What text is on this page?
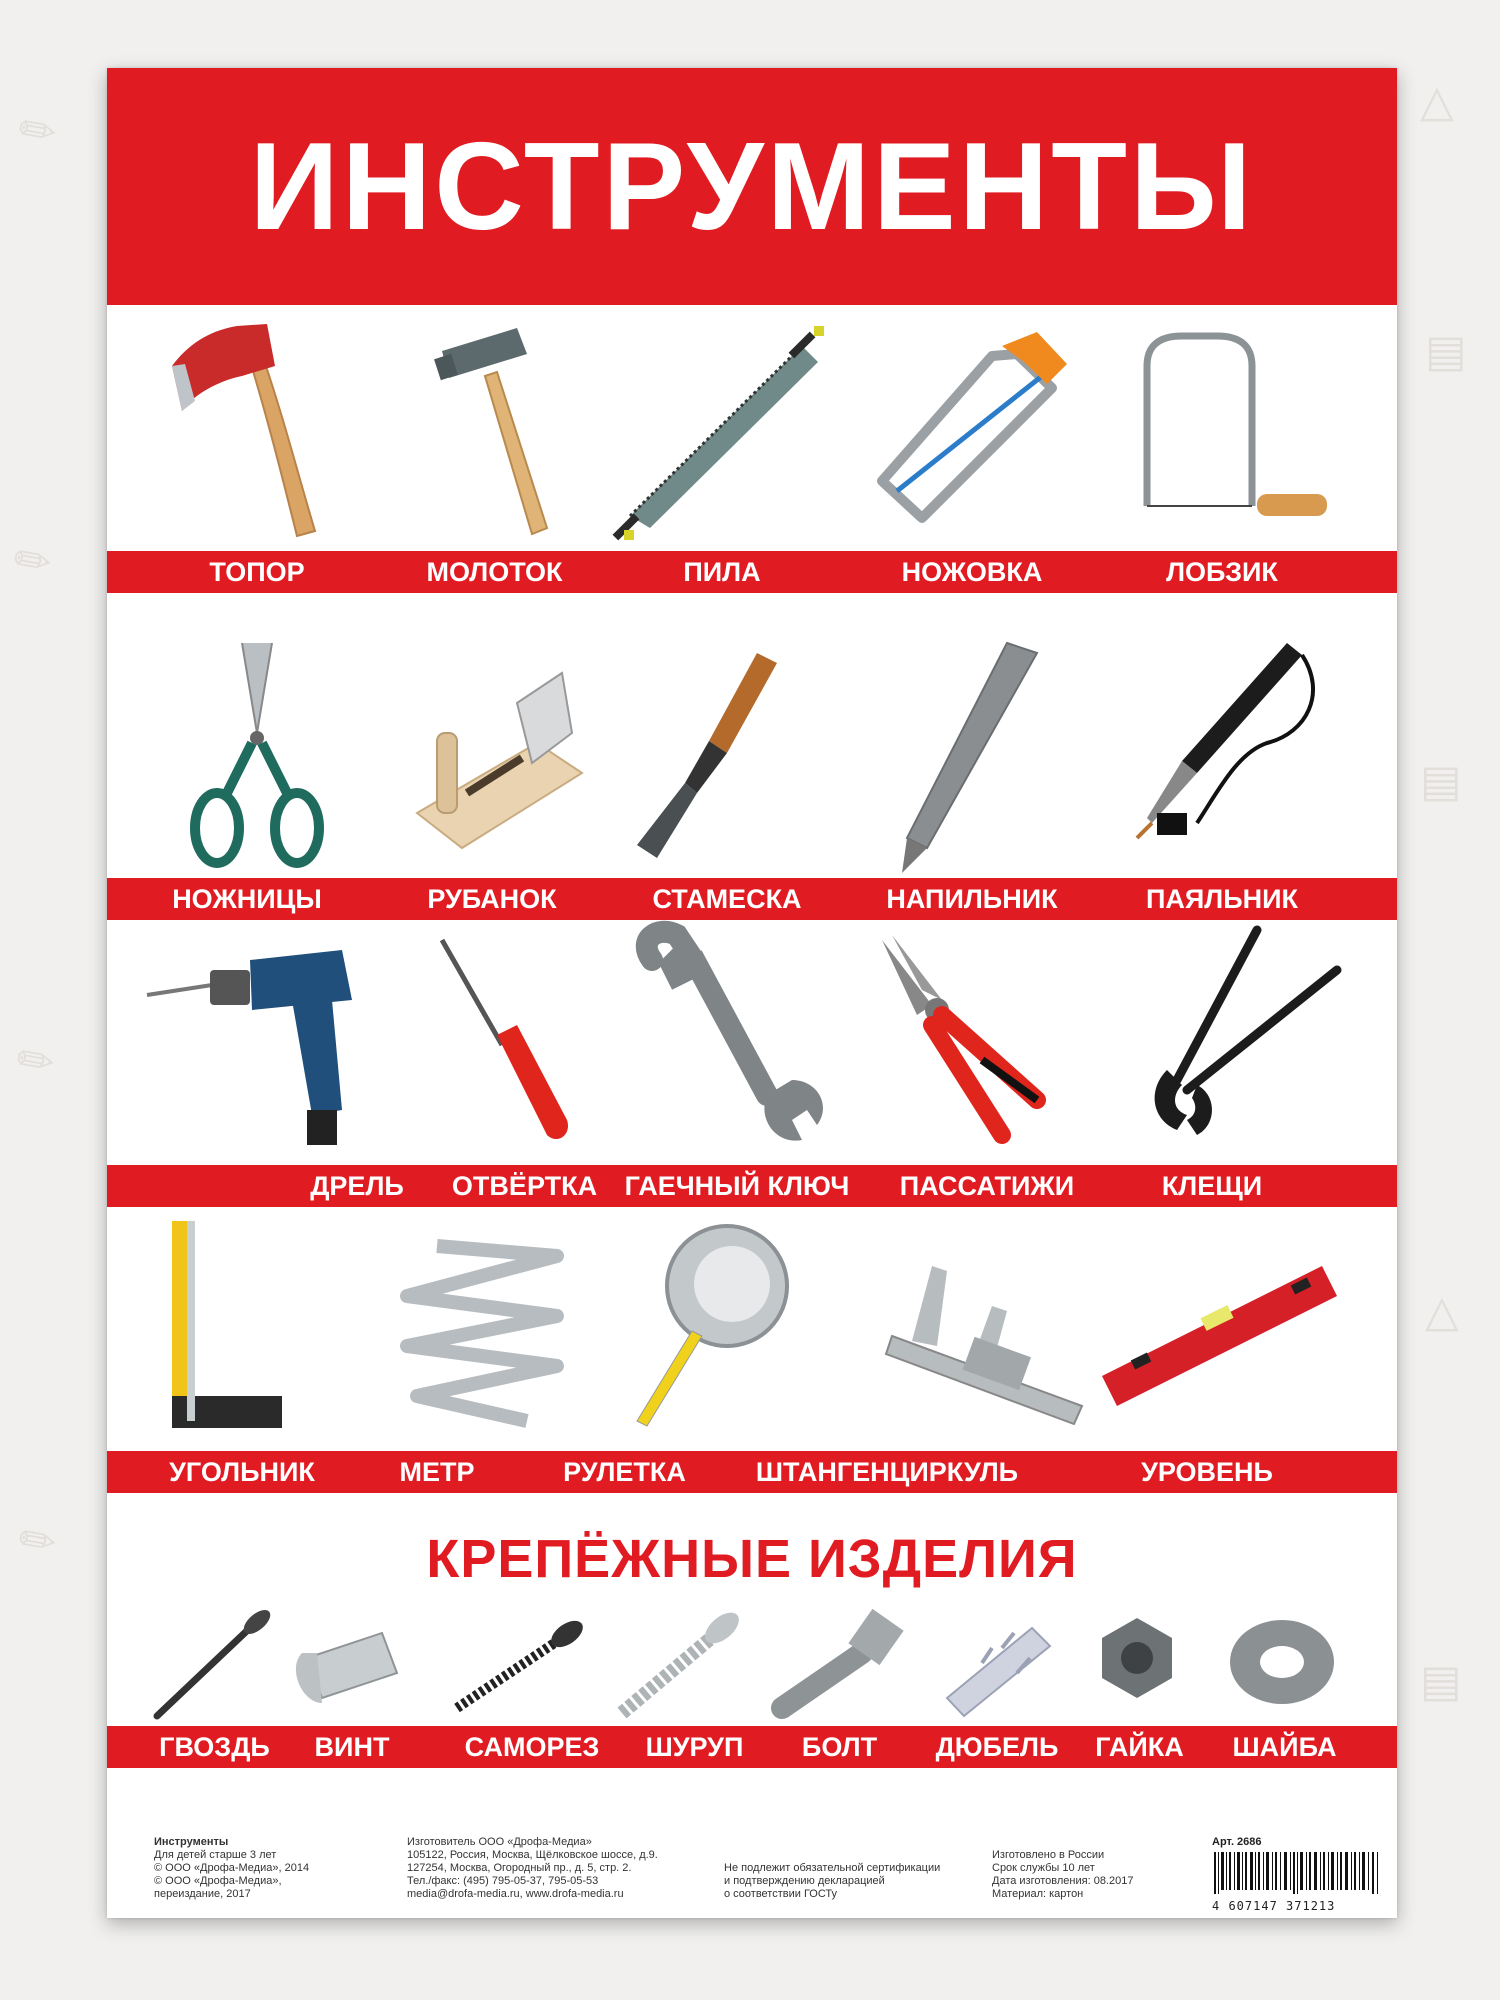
✎
✎
✎
✎
△
△
▤
▤
▤
ИНСТРУМЕНТЫ
ТОПОР	МОЛОТОК	ПИЛА	НОЖОВКА	ЛОБЗИК
НОЖНИЦЫ	РУБАНОК	СТАМЕСКА	НАПИЛЬНИК	ПАЯЛЬНИК
ДРЕЛЬ	ОТВЁРТКА	ГАЕЧНЫЙ КЛЮЧ	ПАССАТИЖИ	КЛЕЩИ
УГОЛЬНИК	МЕТР	РУЛЕТКА	ШТАНГЕНЦИРКУЛЬ	УРОВЕНЬ
КРЕПЁЖНЫЕ ИЗДЕЛИЯ
ГВОЗДЬ	ВИНТ	САМОРЕЗ	ШУРУП	БОЛТ	ДЮБЕЛЬ	ГАЙКА	ШАЙБА
Инструменты
Для детей старше 3 лет
© ООО «Дрофа-Медиа», 2014
© ООО «Дрофа-Медиа»,
переиздание, 2017
Изготовитель ООО «Дрофа-Медиа»
105122, Россия, Москва, Щёлковское шоссе, д.9.
127254, Москва, Огородный пр., д. 5, стр. 2.
Тел./факс: (495) 795-05-37, 795-05-53
media@drofa-media.ru, www.drofa-media.ru
Не подлежит обязательной сертификации
и подтверждению декларацией
о соответствии ГОСТу
Изготовлено в России
Срок службы 10 лет
Дата изготовления: 08.2017
Материал: картон
Арт. 2686
4 607147 371213
